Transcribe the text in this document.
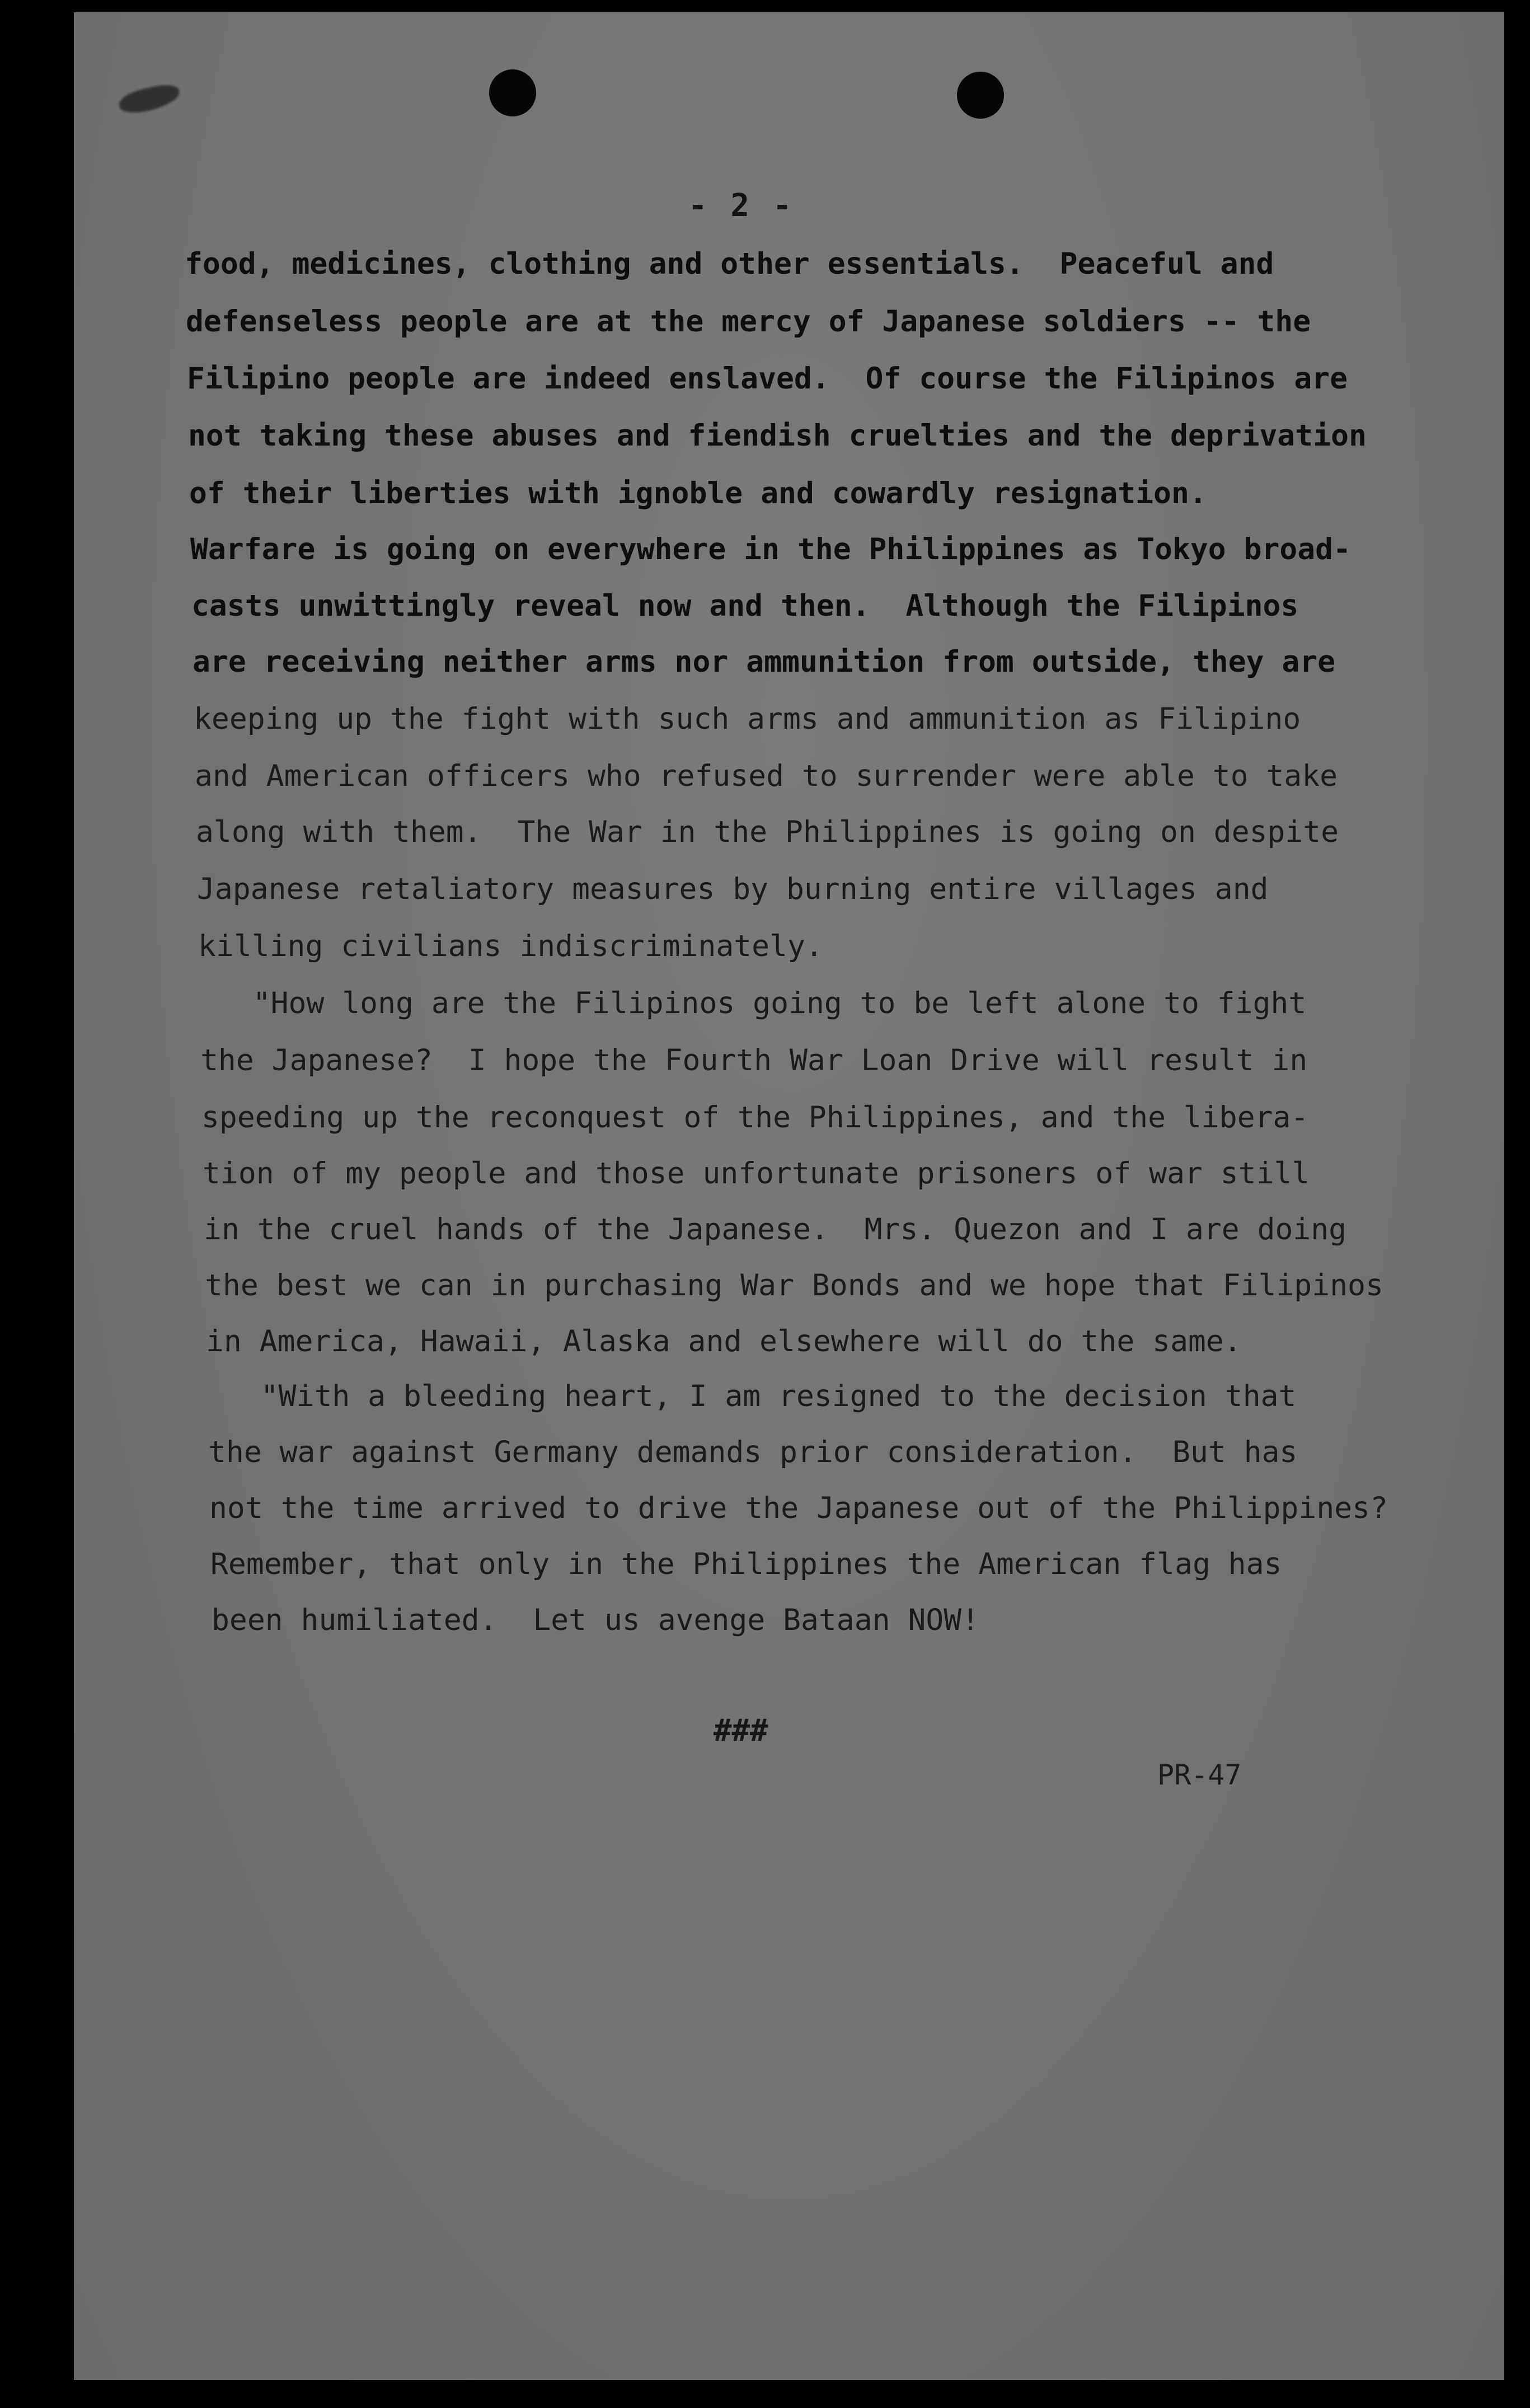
- 2 -
food, medicines, clothing and other essentials.  Peaceful and
defenseless people are at the mercy of Japanese soldiers -- the
Filipino people are indeed enslaved.  Of course the Filipinos are
not taking these abuses and fiendish cruelties and the deprivation
of their liberties with ignoble and cowardly resignation.
Warfare is going on everywhere in the Philippines as Tokyo broad-
casts unwittingly reveal now and then.  Although the Filipinos
are receiving neither arms nor ammunition from outside, they are
keeping up the fight with such arms and ammunition as Filipino
and American officers who refused to surrender were able to take
along with them.  The War in the Philippines is going on despite
Japanese retaliatory measures by burning entire villages and
killing civilians indiscriminately.
"How long are the Filipinos going to be left alone to fight
the Japanese?  I hope the Fourth War Loan Drive will result in
speeding up the reconquest of the Philippines, and the libera-
tion of my people and those unfortunate prisoners of war still
in the cruel hands of the Japanese.  Mrs. Quezon and I are doing
the best we can in purchasing War Bonds and we hope that Filipinos
in America, Hawaii, Alaska and elsewhere will do the same.
"With a bleeding heart, I am resigned to the decision that
the war against Germany demands prior consideration.  But has
not the time arrived to drive the Japanese out of the Philippines?
Remember, that only in the Philippines the American flag has
been humiliated.  Let us avenge Bataan NOW!
###
PR-47
